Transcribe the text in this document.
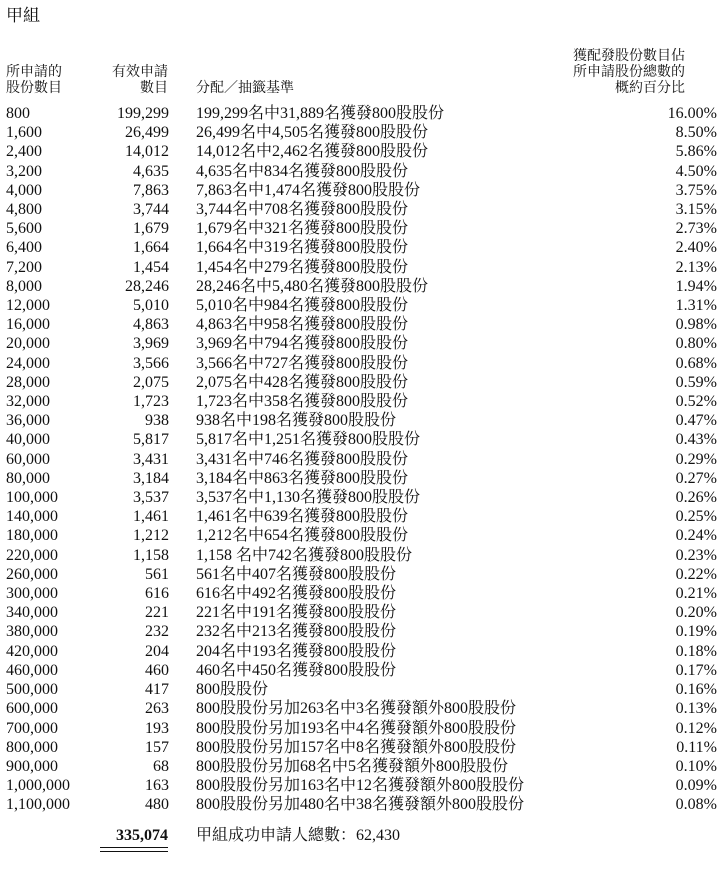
甲組
所申請的
股份數目
有效申請
數目 分配／抽籤基準
獲配發股份數目佔
所申請股份總數的
概約百分比
800	199,299		199,299名中31,889名獲發800股股份	16.00%
1,600	26,499		26,499名中4,505名獲發800股股份	8.50%
2,400	14,012		14,012名中2,462名獲發800股股份	5.86%
3,200	4,635		4,635名中834名獲發800股股份	4.50%
4,000	7,863		7,863名中1,474名獲發800股股份	3.75%
4,800	3,744		3,744名中708名獲發800股股份	3.15%
5,600	1,679		1,679名中321名獲發800股股份	2.73%
6,400	1,664		1,664名中319名獲發800股股份	2.40%
7,200	1,454		1,454名中279名獲發800股股份	2.13%
8,000	28,246		28,246名中5,480名獲發800股股份	1.94%
12,000	5,010		5,010名中984名獲發800股股份	1.31%
16,000	4,863		4,863名中958名獲發800股股份	0.98%
20,000	3,969		3,969名中794名獲發800股股份	0.80%
24,000	3,566		3,566名中727名獲發800股股份	0.68%
28,000	2,075		2,075名中428名獲發800股股份	0.59%
32,000	1,723		1,723名中358名獲發800股股份	0.52%
36,000	938		938名中198名獲發800股股份	0.47%
40,000	5,817		5,817名中1,251名獲發800股股份	0.43%
60,000	3,431		3,431名中746名獲發800股股份	0.29%
80,000	3,184		3,184名中863名獲發800股股份	0.27%
100,000	3,537		3,537名中1,130名獲發800股股份	0.26%
140,000	1,461		1,461名中639名獲發800股股份	0.25%
180,000	1,212		1,212名中654名獲發800股股份	0.24%
220,000	1,158		1,158 名中742名獲發800股股份	0.23%
260,000	561		561名中407名獲發800股股份	0.22%
300,000	616		616名中492名獲發800股股份	0.21%
340,000	221		221名中191名獲發800股股份	0.20%
380,000	232		232名中213名獲發800股股份	0.19%
420,000	204		204名中193名獲發800股股份	0.18%
460,000	460		460名中450名獲發800股股份	0.17%
500,000	417		800股股份	0.16%
600,000	263		800股股份另加263名中3名獲發額外800股股份	0.13%
700,000	193		800股股份另加193名中4名獲發額外800股股份	0.12%
800,000	157		800股股份另加157名中8名獲發額外800股股份	0.11%
900,000	68		800股股份另加68名中5名獲發額外800股股份	0.10%
1,000,000	163		800股股份另加163名中12名獲發額外800股股份	0.09%
1,100,000	480		800股股份另加480名中38名獲發額外800股股份	0.08%
335,074 甲組成功申請人總數：62,430
